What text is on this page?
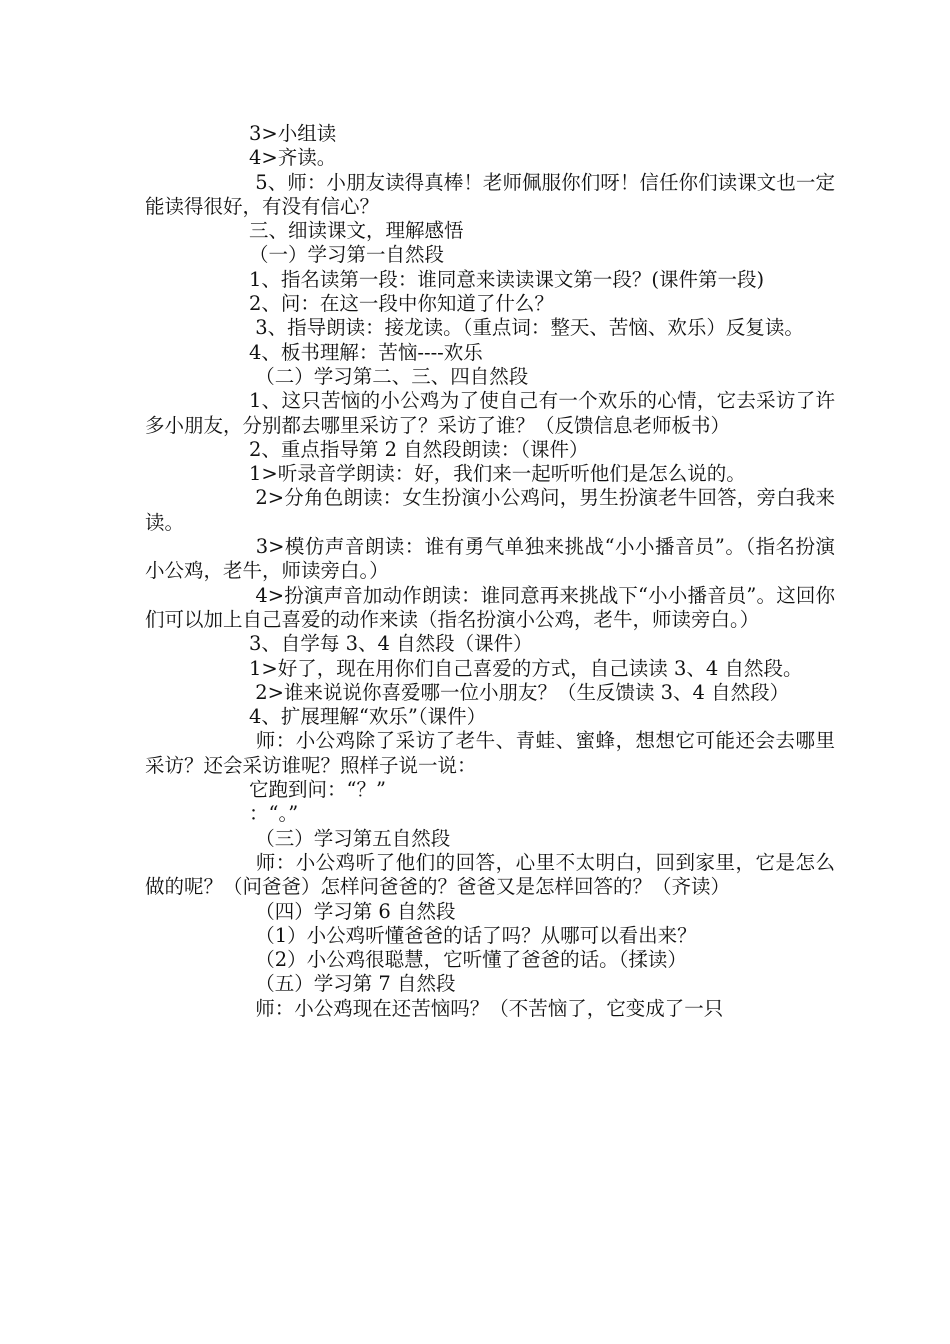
3>小组读

4>齐读。

5、师：小朋友读得真棒！老师佩服你们呀！信任你们读课文也一定能读得很好，有没有信心？

三、细读课文，理解感悟

（一）学习第一自然段

1、指名读第一段：谁同意来读读课文第一段？(课件第一段)

2、问：在这一段中你知道了什么？

3、指导朗读：接龙读。（重点词：整天、苦恼、欢乐）反复读。

4、板书理解：苦恼----欢乐

（二）学习第二、三、四自然段

1、这只苦恼的小公鸡为了使自己有一个欢乐的心情，它去采访了许多小朋友，分别都去哪里采访了？采访了谁？（反馈信息老师板书）

2、重点指导第 2 自然段朗读：（课件）

1>听录音学朗读：好，我们来一起听听他们是怎么说的。

2>分角色朗读：女生扮演小公鸡问，男生扮演老牛回答，旁白我来读。

3>模仿声音朗读：谁有勇气单独来挑战“小小播音员”。（指名扮演小公鸡，老牛，师读旁白。）

4>扮演声音加动作朗读：谁同意再来挑战下“小小播音员”。这回你们可以加上自己喜爱的动作来读（指名扮演小公鸡，老牛，师读旁白。）

3、自学每 3、4 自然段（课件）

1>好了，现在用你们自己喜爱的方式，自己读读 3、4 自然段。

2>谁来说说你喜爱哪一位小朋友？（生反馈读 3、4 自然段）

4、扩展理解“欢乐”（课件）

师：小公鸡除了采访了老牛、青蛙、蜜蜂，想想它可能还会去哪里采访？还会采访谁呢？照样子说一说：

它跑到问：“？”

：“。”

（三）学习第五自然段

师：小公鸡听了他们的回答，心里不太明白，回到家里，它是怎么做的呢？（问爸爸）怎样问爸爸的？爸爸又是怎样回答的？（齐读）

（四）学习第 6 自然段

（1）小公鸡听懂爸爸的话了吗？从哪可以看出来？

（2）小公鸡很聪慧，它听懂了爸爸的话。（揉读）

（五）学习第 7 自然段

师：小公鸡现在还苦恼吗？（不苦恼了，它变成了一只
